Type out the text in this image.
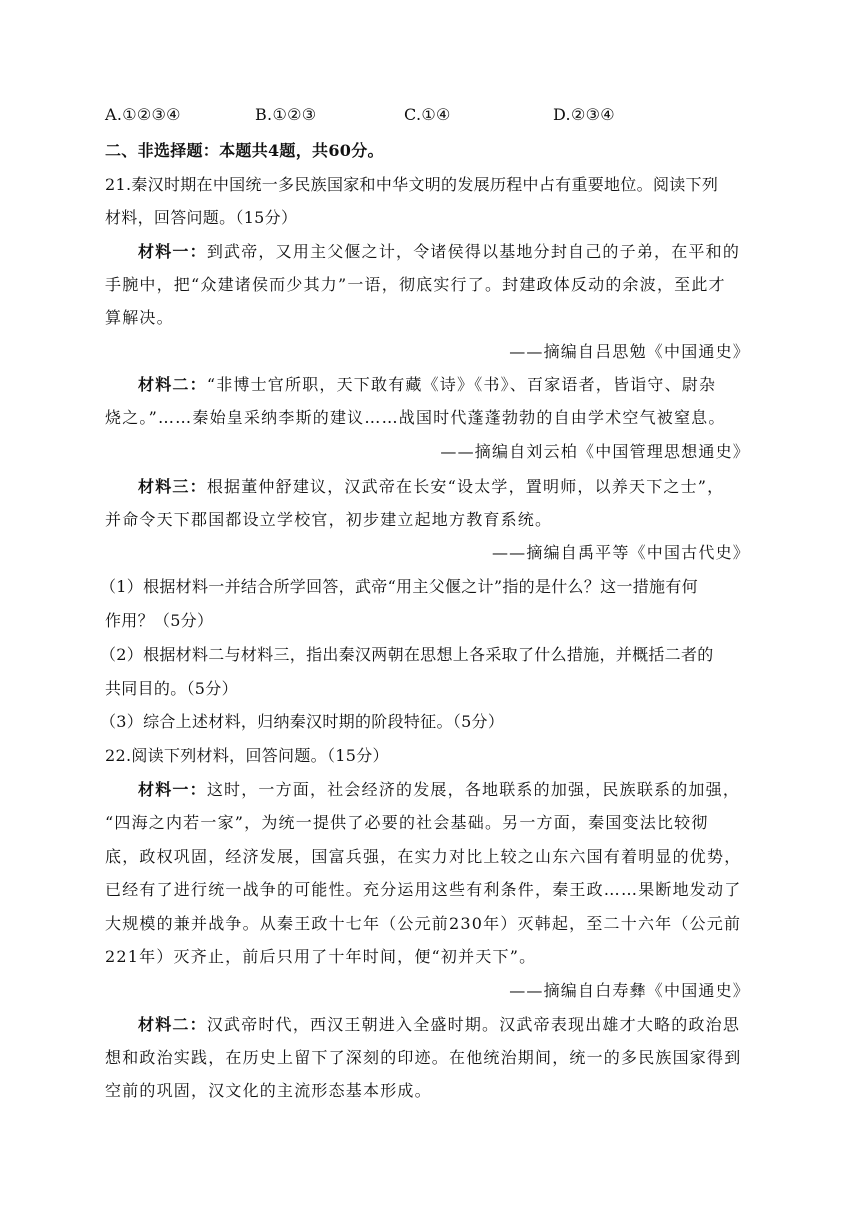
A.①②③④	B.①②③	C.①④	D.②③④
二、非选择题：本题共4题，共60分。
21.秦汉时期在中国统一多民族国家和中华文明的发展历程中占有重要地位。阅读下列
材料，回答问题。（15分）
材料一：到武帝，又用主父偃之计，令诸侯得以基地分封自己的子弟，在平和的
手腕中，把“众建诸侯而少其力”一语，彻底实行了。封建政体反动的余波，至此才
算解决。
——摘编自吕思勉《中国通史》
材料二：“非博士官所职，天下敢有藏《诗》《书》、百家语者，皆诣守、尉杂
烧之。”……秦始皇采纳李斯的建议……战国时代蓬蓬勃勃的自由学术空气被窒息。
——摘编自刘云柏《中国管理思想通史》
材料三：根据董仲舒建议，汉武帝在长安“设太学，置明师，以养天下之士”，
并命令天下郡国都设立学校官，初步建立起地方教育系统。
——摘编自禹平等《中国古代史》
（1）根据材料一并结合所学回答，武帝“用主父偃之计”指的是什么？这一措施有何
作用？（5分）
（2）根据材料二与材料三，指出秦汉两朝在思想上各采取了什么措施，并概括二者的
共同目的。（5分）
（3）综合上述材料，归纳秦汉时期的阶段特征。（5分）
22.阅读下列材料，回答问题。（15分）
材料一：这时，一方面，社会经济的发展，各地联系的加强，民族联系的加强，
“四海之内若一家”，为统一提供了必要的社会基础。另一方面，秦国变法比较彻
底，政权巩固，经济发展，国富兵强，在实力对比上较之山东六国有着明显的优势，
已经有了进行统一战争的可能性。充分运用这些有利条件，秦王政……果断地发动了
大规模的兼并战争。从秦王政十七年（公元前230年）灭韩起，至二十六年（公元前
221年）灭齐止，前后只用了十年时间，便“初并天下”。
——摘编自白寿彝《中国通史》
材料二：汉武帝时代，西汉王朝进入全盛时期。汉武帝表现出雄才大略的政治思
想和政治实践，在历史上留下了深刻的印迹。在他统治期间，统一的多民族国家得到
空前的巩固，汉文化的主流形态基本形成。
